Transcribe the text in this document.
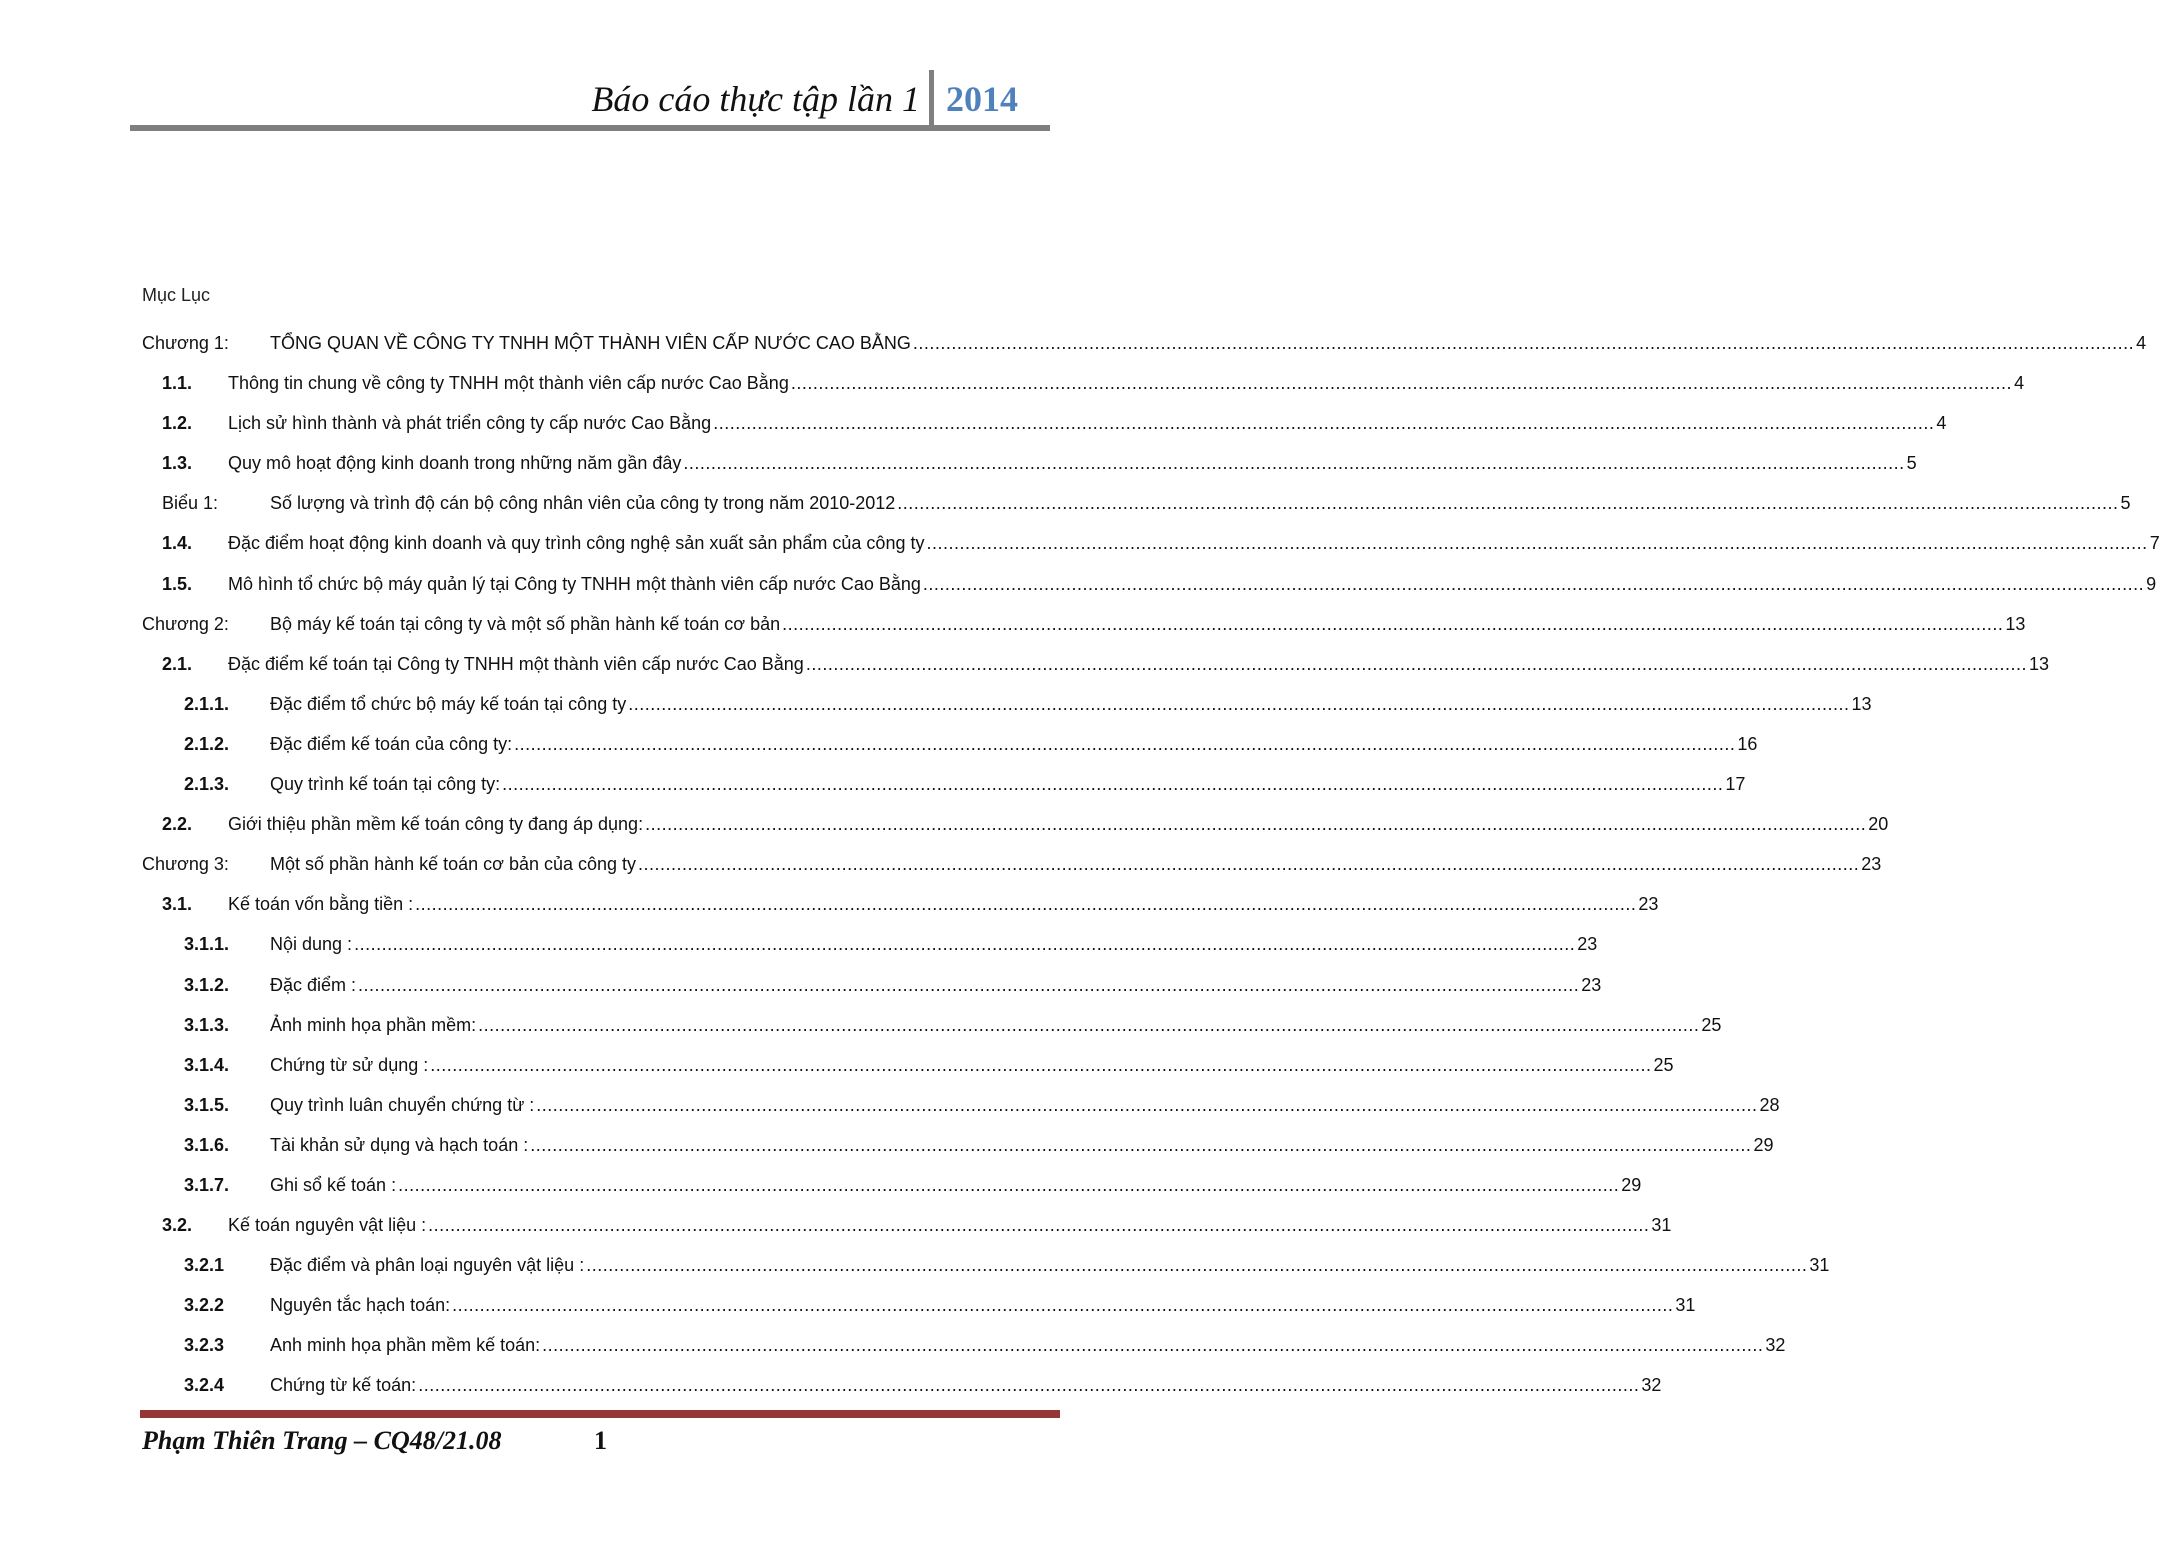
Báo cáo thực tập lần 1 2014
Mục Lục
Chương 1:	TỔNG QUAN VỀ CÔNG TY TNHH MỘT THÀNH VIÊN CẤP NƯỚC CAO BẰNG .....	4
1.1.	Thông tin chung về công ty TNHH một thành viên cấp nước Cao Bằng .....	4
1.2.	Lịch sử hình thành và phát triển công ty cấp nước Cao Bằng .....	4
1.3.	Quy mô hoạt động kinh doanh trong những năm gần đây .....	5
Biểu 1:	Số lượng và trình độ cán bộ công nhân viên của công ty trong năm 2010-2012 .....	5
1.4.	Đặc điểm hoạt động kinh doanh và quy trình công nghệ sản xuất sản phẩm của công ty .....	7
1.5.	Mô hình tổ chức bộ máy quản lý tại Công ty TNHH một thành viên cấp nước Cao Bằng .....	9
Chương 2:	Bộ máy kế toán tại công ty và một số phần hành kế toán cơ bản .....	13
2.1.	Đặc điểm kế toán tại Công ty TNHH một thành viên cấp nước Cao Bằng .....	13
2.1.1.	Đặc điểm tổ chức bộ máy kế toán tại công ty .....	13
2.1.2.	Đặc điểm kế toán của công ty: .....	16
2.1.3.	Quy trình kế toán tại công ty: .....	17
2.2.	Giới thiệu phần mềm kế toán công ty đang áp dụng: .....	20
Chương 3:	Một số phần hành kế toán cơ bản của công ty .....	23
3.1.	Kế toán vốn bằng tiền : .....	23
3.1.1.	Nội dung : .....	23
3.1.2.	Đặc điểm : .....	23
3.1.3.	Ảnh minh họa phần mềm: .....	25
3.1.4.	Chứng từ sử dụng : .....	25
3.1.5.	Quy trình luân chuyển chứng từ : .....	28
3.1.6.	Tài khản sử dụng và hạch toán : .....	29
3.1.7.	Ghi sổ kế toán : .....	29
3.2.	Kế toán nguyên vật liệu : .....	31
3.2.1	Đặc điểm và phân loại nguyên vật liệu : .....	31
3.2.2	Nguyên tắc hạch toán: .....	31
3.2.3	Anh minh họa phần mềm kế toán: .....	32
3.2.4	Chứng từ kế toán: .....	32
Phạm Thiên Trang – CQ48/21.08	1
